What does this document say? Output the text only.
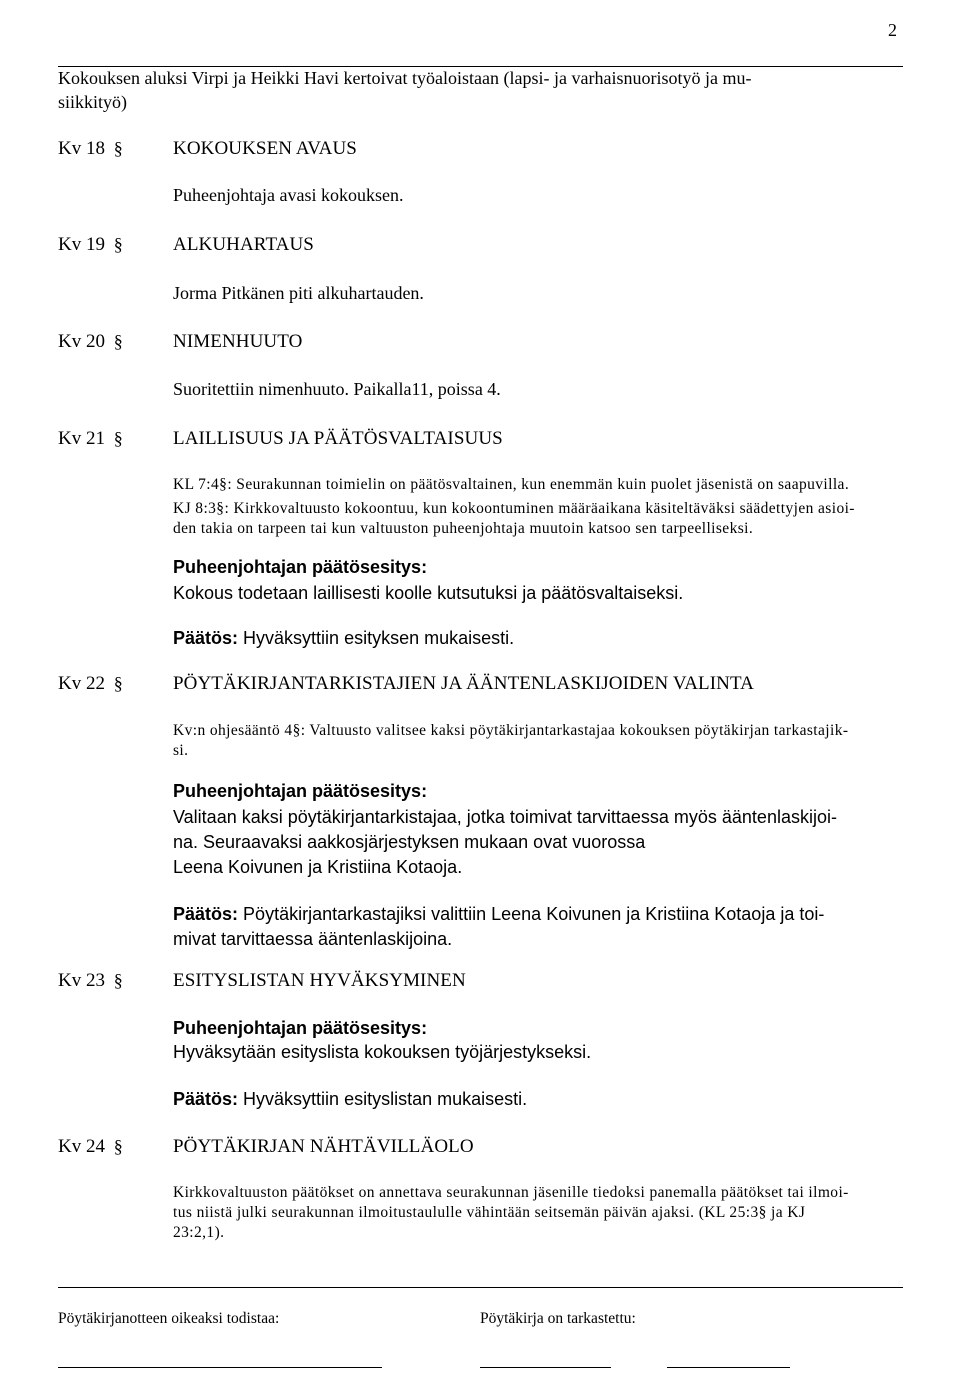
2
Kokouksen aluksi Virpi ja Heikki Havi kertoivat työaloistaan (lapsi- ja varhaisnuorisotyö ja mu-
siikkityö)
Kv 18 §	KOKOUKSEN AVAUS
Puheenjohtaja avasi kokouksen.
Kv 19 §	ALKUHARTAUS
Jorma Pitkänen piti alkuhartauden.
Kv 20 §	NIMENHUUTO
Suoritettiin nimenhuuto. Paikalla11, poissa 4.
Kv 21 §	LAILLISUUS JA PÄÄTÖSVALTAISUUS
KL 7:4§: Seurakunnan toimielin on päätösvaltainen, kun enemmän kuin puolet jäsenistä on saapuvilla.
KJ 8:3§: Kirkkovaltuusto kokoontuu, kun kokoontuminen määräaikana käsiteltäväksi säädettyjen asioi-
den takia on tarpeen tai kun valtuuston puheenjohtaja muutoin katsoo sen tarpeelliseksi.
Puheenjohtajan päätösesitys:
Kokous todetaan laillisesti koolle kutsutuksi ja päätösvaltaiseksi.
Päätös: Hyväksyttiin esityksen mukaisesti.
Kv 22 §	PÖYTÄKIRJANTARKISTAJIEN JA ÄÄNTENLASKIJOIDEN VALINTA
Kv:n ohjesääntö 4§: Valtuusto valitsee kaksi pöytäkirjantarkastajaa kokouksen pöytäkirjan tarkastajik-
si.
Puheenjohtajan päätösesitys:
Valitaan kaksi pöytäkirjantarkistajaa, jotka toimivat tarvittaessa myös ääntenlaskijoi-
na. Seuraavaksi aakkosjärjestyksen mukaan ovat vuorossa
Leena Koivunen ja Kristiina Kotaoja.
Päätös: Pöytäkirjantarkastajiksi valittiin Leena Koivunen ja Kristiina Kotaoja ja toi-
mivat tarvittaessa ääntenlaskijoina.
Kv 23 §	ESITYSLISTAN HYVÄKSYMINEN
Puheenjohtajan päätösesitys:
Hyväksytään esityslista kokouksen työjärjestykseksi.
Päätös: Hyväksyttiin esityslistan mukaisesti.
Kv 24 §	PÖYTÄKIRJAN NÄHTÄVILLÄOLO
Kirkkovaltuuston päätökset on annettava seurakunnan jäsenille tiedoksi panemalla päätökset tai ilmoi-
tus niistä julki seurakunnan ilmoitustaululle vähintään seitsemän päivän ajaksi. (KL 25:3§ ja KJ
23:2,1).
Pöytäkirjanotteen oikeaksi todistaa:	Pöytäkirja on tarkastettu:
